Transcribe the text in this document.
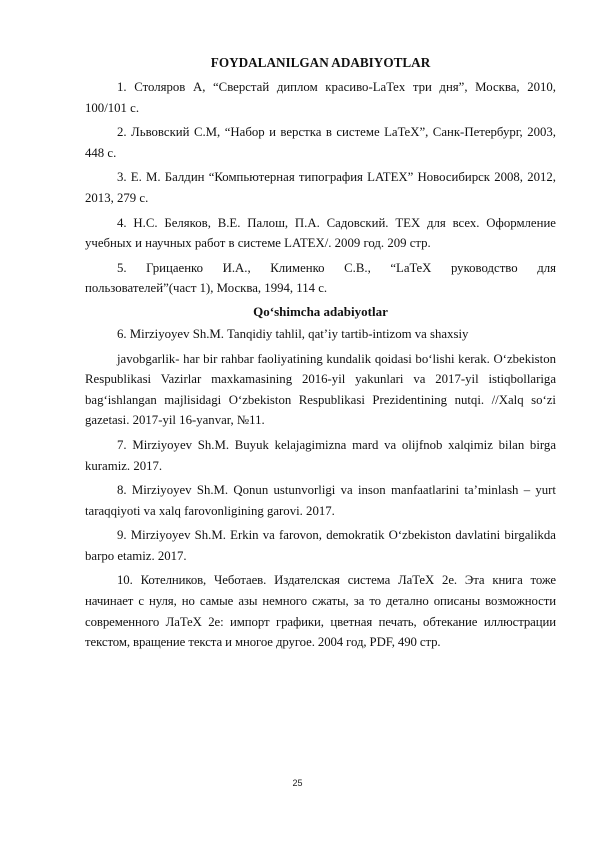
FOYDALANILGAN ADABIYOTLAR

1. Столяров А, “Сверстай диплом красиво-LaTex три дня”, Москва, 2010, 100/101 с.

2. Львовский С.М, “Набор и верстка в системе LaTeX”, Санк-Петербург, 2003, 448 с.

3. Е. М. Балдин “Компьютерная типография LATEX” Новосибирск 2008, 2012, 2013, 279 с.

4. Н.С. Беляков, В.Е. Палош, П.А. Садовский. TEX для всех. Оформление учебных и научных работ в системе LATEX/. 2009 год. 209 стр.

5. Грицаенко И.А., Клименко С.В., “LaTeX руководство для пользователей”(част 1), Москва, 1994, 114 с.

Qo‘shimcha adabiyotlar

6. Mirziyoyev Sh.M. Tanqidiy tahlil, qat’iy tartib-intizom va shaxsiy

javobgarlik- har bir rahbar faoliyatining kundalik qoidasi bo‘lishi kerak. O‘zbekiston Respublikasi Vazirlar maxkamasining 2016-yil yakunlari va 2017-yil istiqbollariga bag‘ishlangan majlisidagi O‘zbekiston Respublikasi Prezidentining nutqi. //Xalq so‘zi gazetasi. 2017-yil 16-yanvar, №11.

7. Mirziyoyev Sh.M. Buyuk kelajagimizna mard va olijfnob xalqimiz bilan birga kuramiz. 2017.

8. Mirziyoyev Sh.M. Qonun ustunvorligi va inson manfaatlarini ta’minlash – yurt taraqqiyoti va xalq farovonligining garovi. 2017.

9. Mirziyoyev Sh.M. Erkin va farovon, demokratik O‘zbekiston davlatini birgalikda barpo etamiz. 2017.

10. Котелников, Чеботаев. Издателская система ЛаТеХ 2е. Эта книга тоже начинает с нуля, но самые азы немного сжаты, за то детално описаны возможности современного ЛаТеХ 2е: импорт графики, цветная печать, обтекание иллюстрации текстом, вращение текста и многое другое. 2004 год, PDF, 490 стр.

25
